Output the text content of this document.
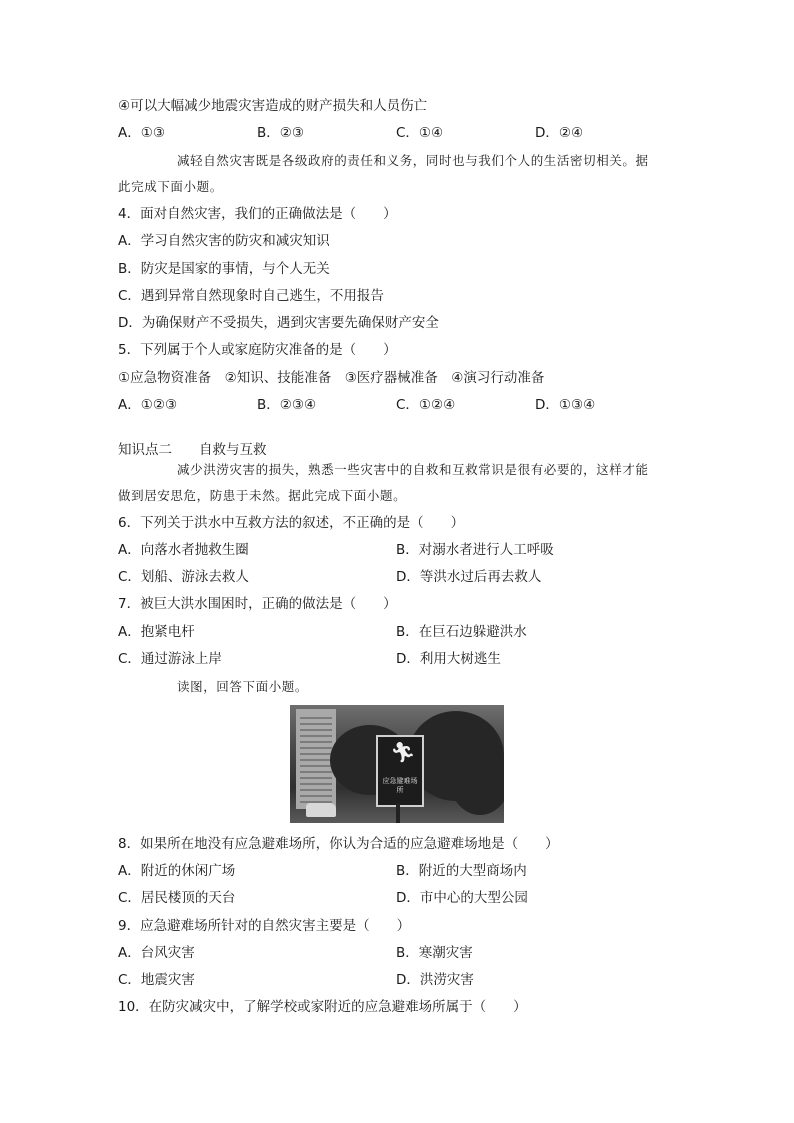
④可以大幅减少地震灾害造成的财产损失和人员伤亡
A．①③	B．②③	C．①④	D．②④
减轻自然灾害既是各级政府的责任和义务，同时也与我们个人的生活密切相关。据
此完成下面小题。
4．面对自然灾害，我们的正确做法是（　　）
A．学习自然灾害的防灾和减灾知识
B．防灾是国家的事情，与个人无关
C．遇到异常自然现象时自己逃生，不用报告
D．为确保财产不受损失，遇到灾害要先确保财产安全
5．下列属于个人或家庭防灾准备的是（　　）
①应急物资准备　②知识、技能准备　③医疗器械准备　④演习行动准备
A．①②③	B．②③④	C．①②④	D．①③④
知识点二　　自救与互救
减少洪涝灾害的损失，熟悉一些灾害中的自救和互救常识是很有必要的，这样才能
做到居安思危，防患于未然。据此完成下面小题。
6．下列关于洪水中互救方法的叙述，不正确的是（　　）
A．向落水者抛救生圈	B．对溺水者进行人工呼吸
C．划船、游泳去救人	D．等洪水过后再去救人
7．被巨大洪水围困时，正确的做法是（　　）
A．抱紧电杆	B．在巨石边躲避洪水
C．通过游泳上岸	D．利用大树逃生
读图，回答下面小题。
🏃︎
应急避难场所
8．如果所在地没有应急避难场所，你认为合适的应急避难场地是（　　）
A．附近的休闲广场	B．附近的大型商场内
C．居民楼顶的天台	D．市中心的大型公园
9．应急避难场所针对的自然灾害主要是（　　）
A．台风灾害	B．寒潮灾害
C．地震灾害	D．洪涝灾害
10．在防灾减灾中，了解学校或家附近的应急避难场所属于（　　）
